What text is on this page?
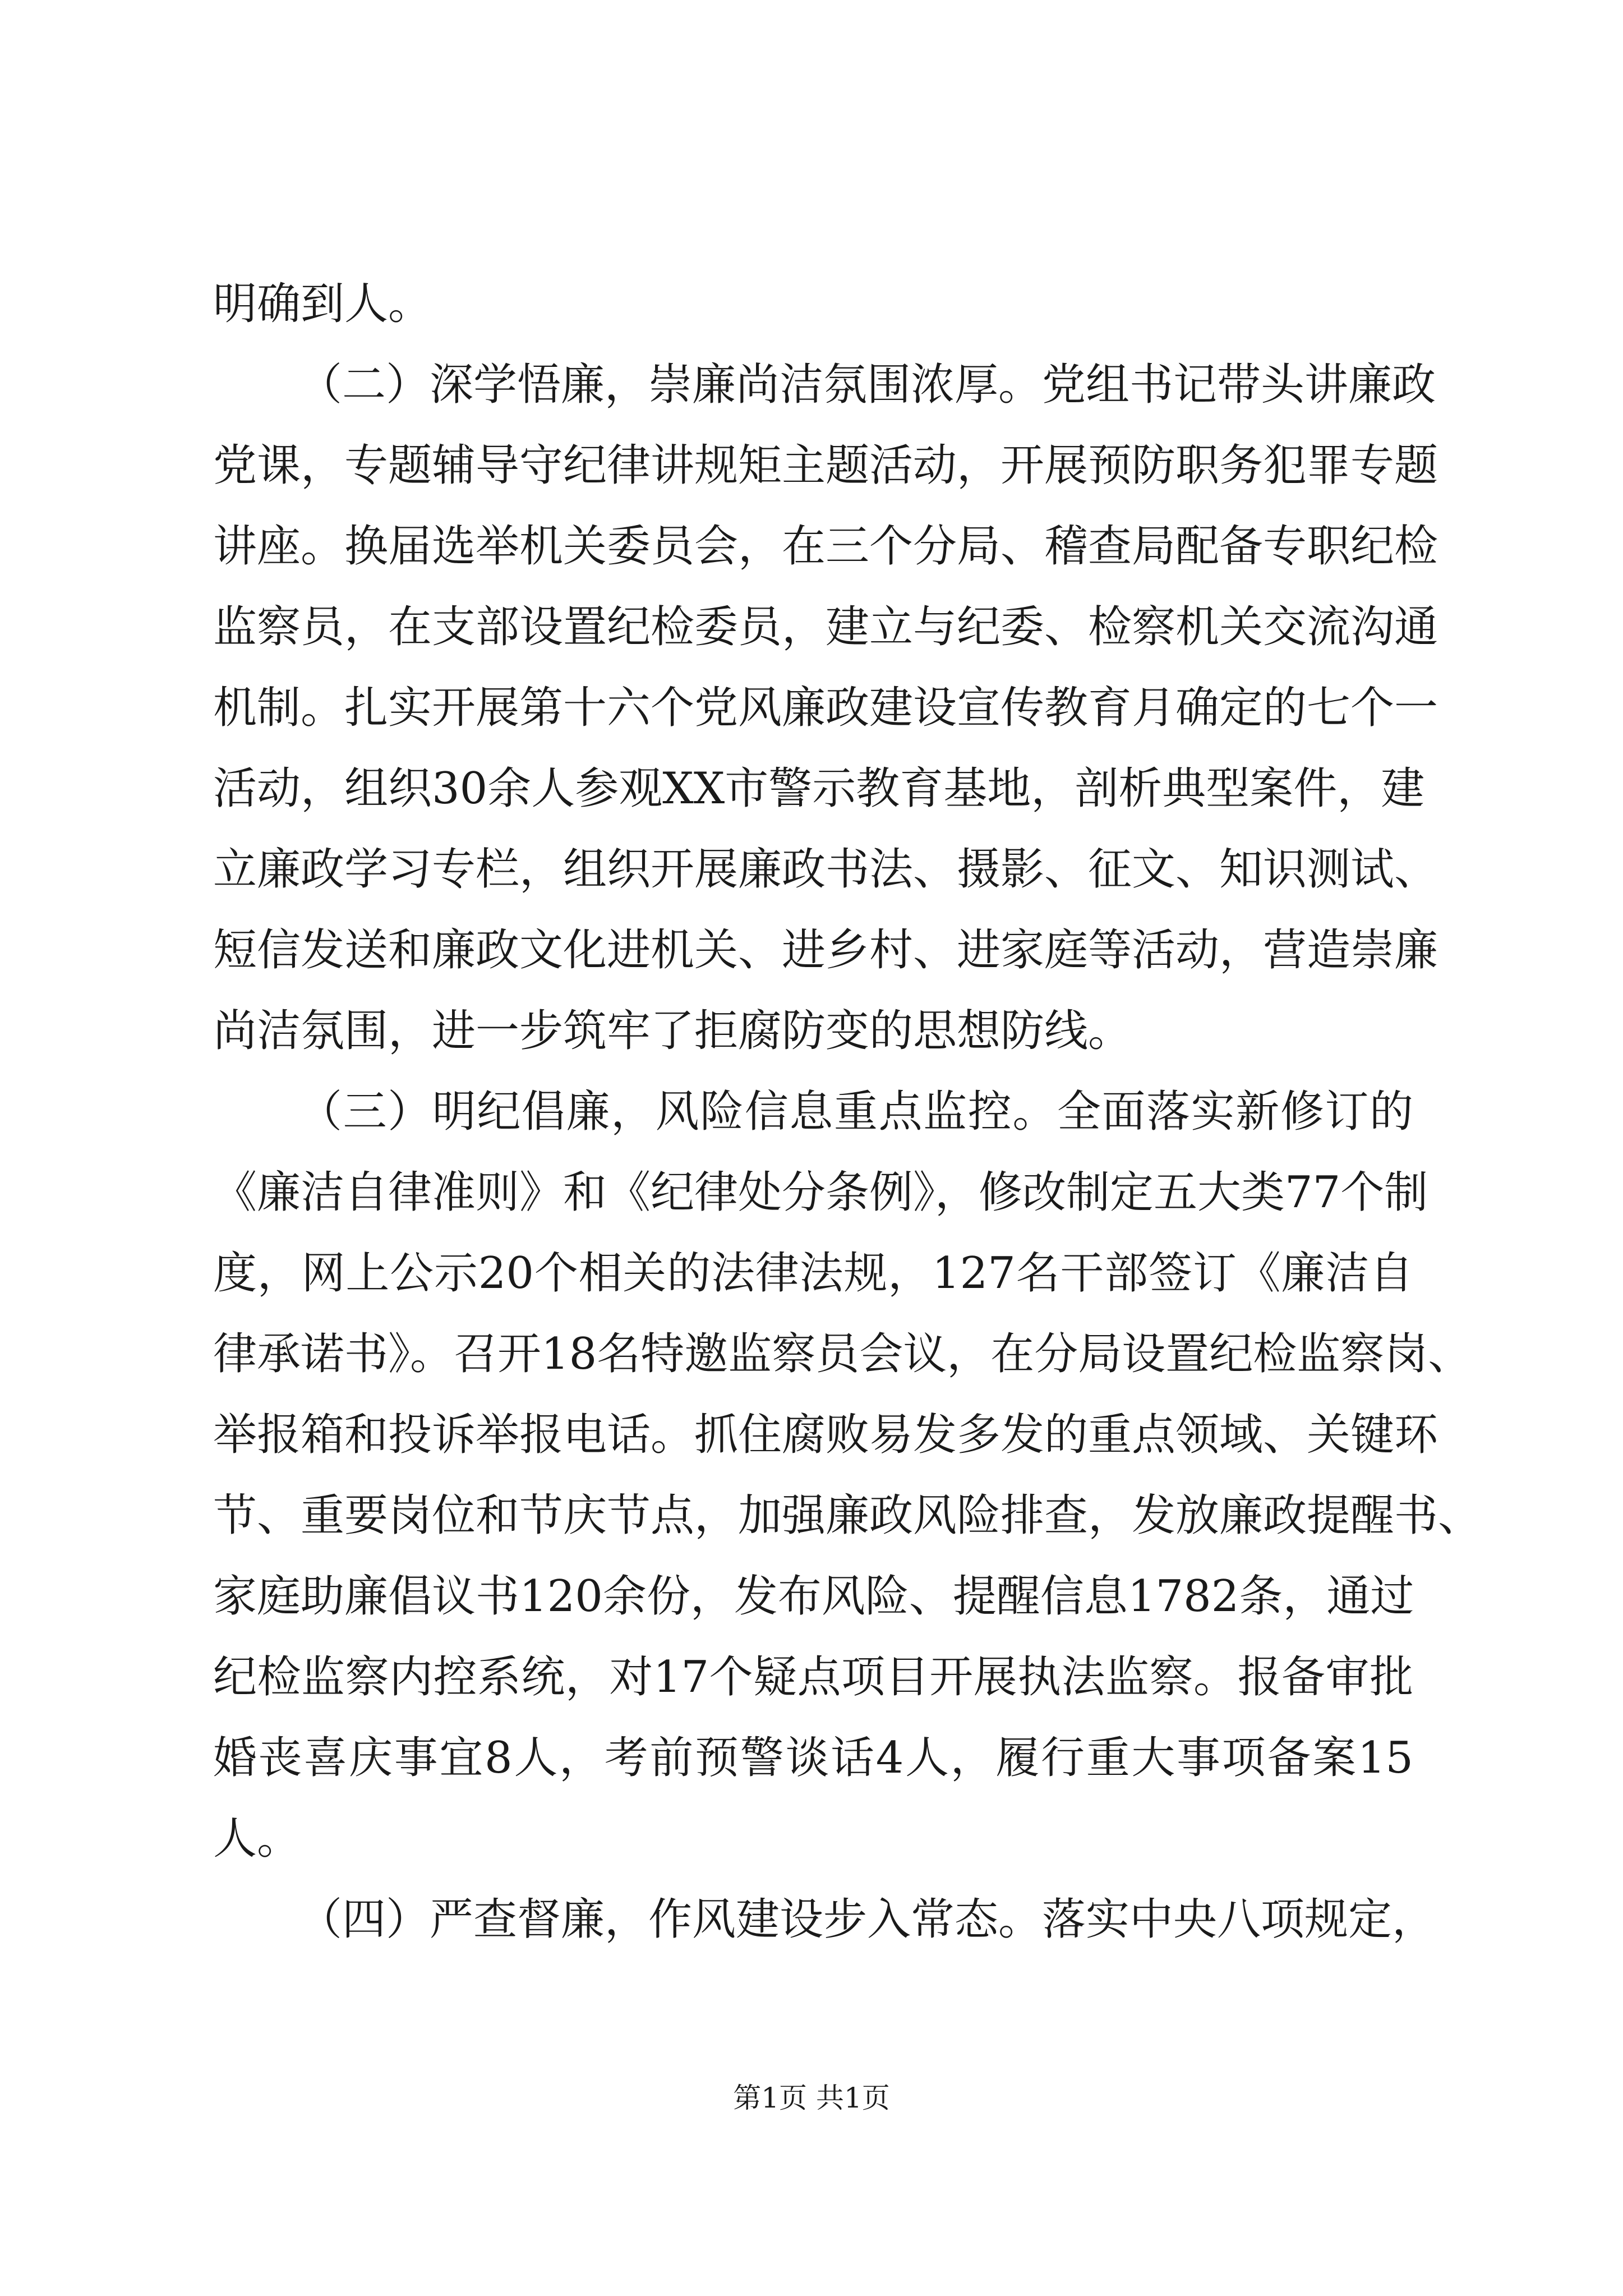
明确到人。
（二）深学悟廉，崇廉尚洁氛围浓厚。党组书记带头讲廉政
党课，专题辅导守纪律讲规矩主题活动，开展预防职务犯罪专题
讲座。换届选举机关委员会，在三个分局、稽查局配备专职纪检
监察员，在支部设置纪检委员，建立与纪委、检察机关交流沟通
机制。扎实开展第十六个党风廉政建设宣传教育月确定的七个一
活动，组织30余人参观XX市警示教育基地，剖析典型案件，建
立廉政学习专栏，组织开展廉政书法、摄影、征文、知识测试、
短信发送和廉政文化进机关、进乡村、进家庭等活动，营造崇廉
尚洁氛围，进一步筑牢了拒腐防变的思想防线。
（三）明纪倡廉，风险信息重点监控。全面落实新修订的
《廉洁自律准则》和《纪律处分条例》，修改制定五大类77个制
度，网上公示20个相关的法律法规，127名干部签订《廉洁自
律承诺书》。召开18名特邀监察员会议，在分局设置纪检监察岗、
举报箱和投诉举报电话。抓住腐败易发多发的重点领域、关键环
节、重要岗位和节庆节点，加强廉政风险排查，发放廉政提醒书、
家庭助廉倡议书120余份，发布风险、提醒信息1782条，通过
纪检监察内控系统，对17个疑点项目开展执法监察。报备审批
婚丧喜庆事宜8人，考前预警谈话4人，履行重大事项备案15
人。
（四）严查督廉，作风建设步入常态。落实中央八项规定，
第1页 共1页
